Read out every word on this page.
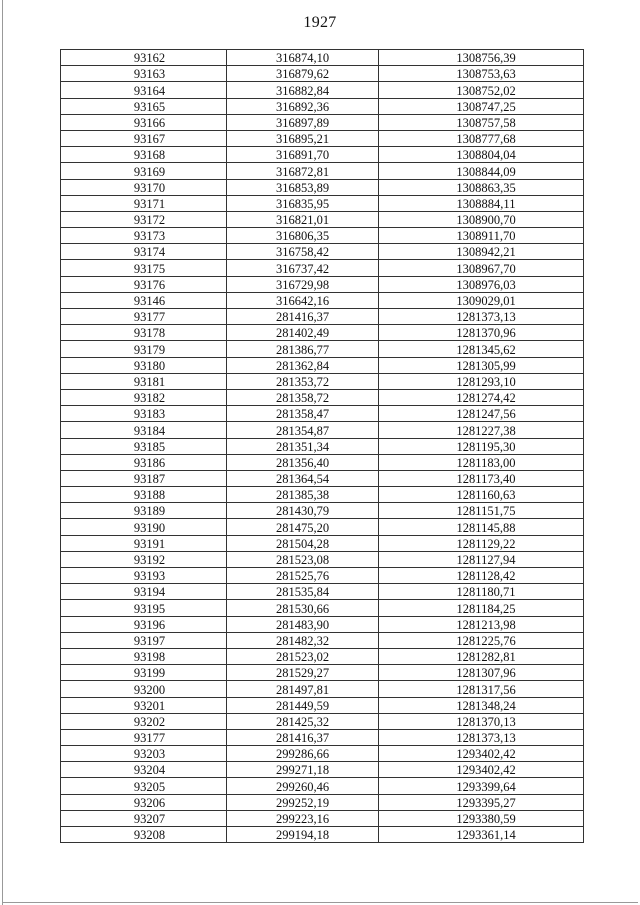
1927
93162	316874,10	1308756,39
93163	316879,62	1308753,63
93164	316882,84	1308752,02
93165	316892,36	1308747,25
93166	316897,89	1308757,58
93167	316895,21	1308777,68
93168	316891,70	1308804,04
93169	316872,81	1308844,09
93170	316853,89	1308863,35
93171	316835,95	1308884,11
93172	316821,01	1308900,70
93173	316806,35	1308911,70
93174	316758,42	1308942,21
93175	316737,42	1308967,70
93176	316729,98	1308976,03
93146	316642,16	1309029,01
93177	281416,37	1281373,13
93178	281402,49	1281370,96
93179	281386,77	1281345,62
93180	281362,84	1281305,99
93181	281353,72	1281293,10
93182	281358,72	1281274,42
93183	281358,47	1281247,56
93184	281354,87	1281227,38
93185	281351,34	1281195,30
93186	281356,40	1281183,00
93187	281364,54	1281173,40
93188	281385,38	1281160,63
93189	281430,79	1281151,75
93190	281475,20	1281145,88
93191	281504,28	1281129,22
93192	281523,08	1281127,94
93193	281525,76	1281128,42
93194	281535,84	1281180,71
93195	281530,66	1281184,25
93196	281483,90	1281213,98
93197	281482,32	1281225,76
93198	281523,02	1281282,81
93199	281529,27	1281307,96
93200	281497,81	1281317,56
93201	281449,59	1281348,24
93202	281425,32	1281370,13
93177	281416,37	1281373,13
93203	299286,66	1293402,42
93204	299271,18	1293402,42
93205	299260,46	1293399,64
93206	299252,19	1293395,27
93207	299223,16	1293380,59
93208	299194,18	1293361,14
